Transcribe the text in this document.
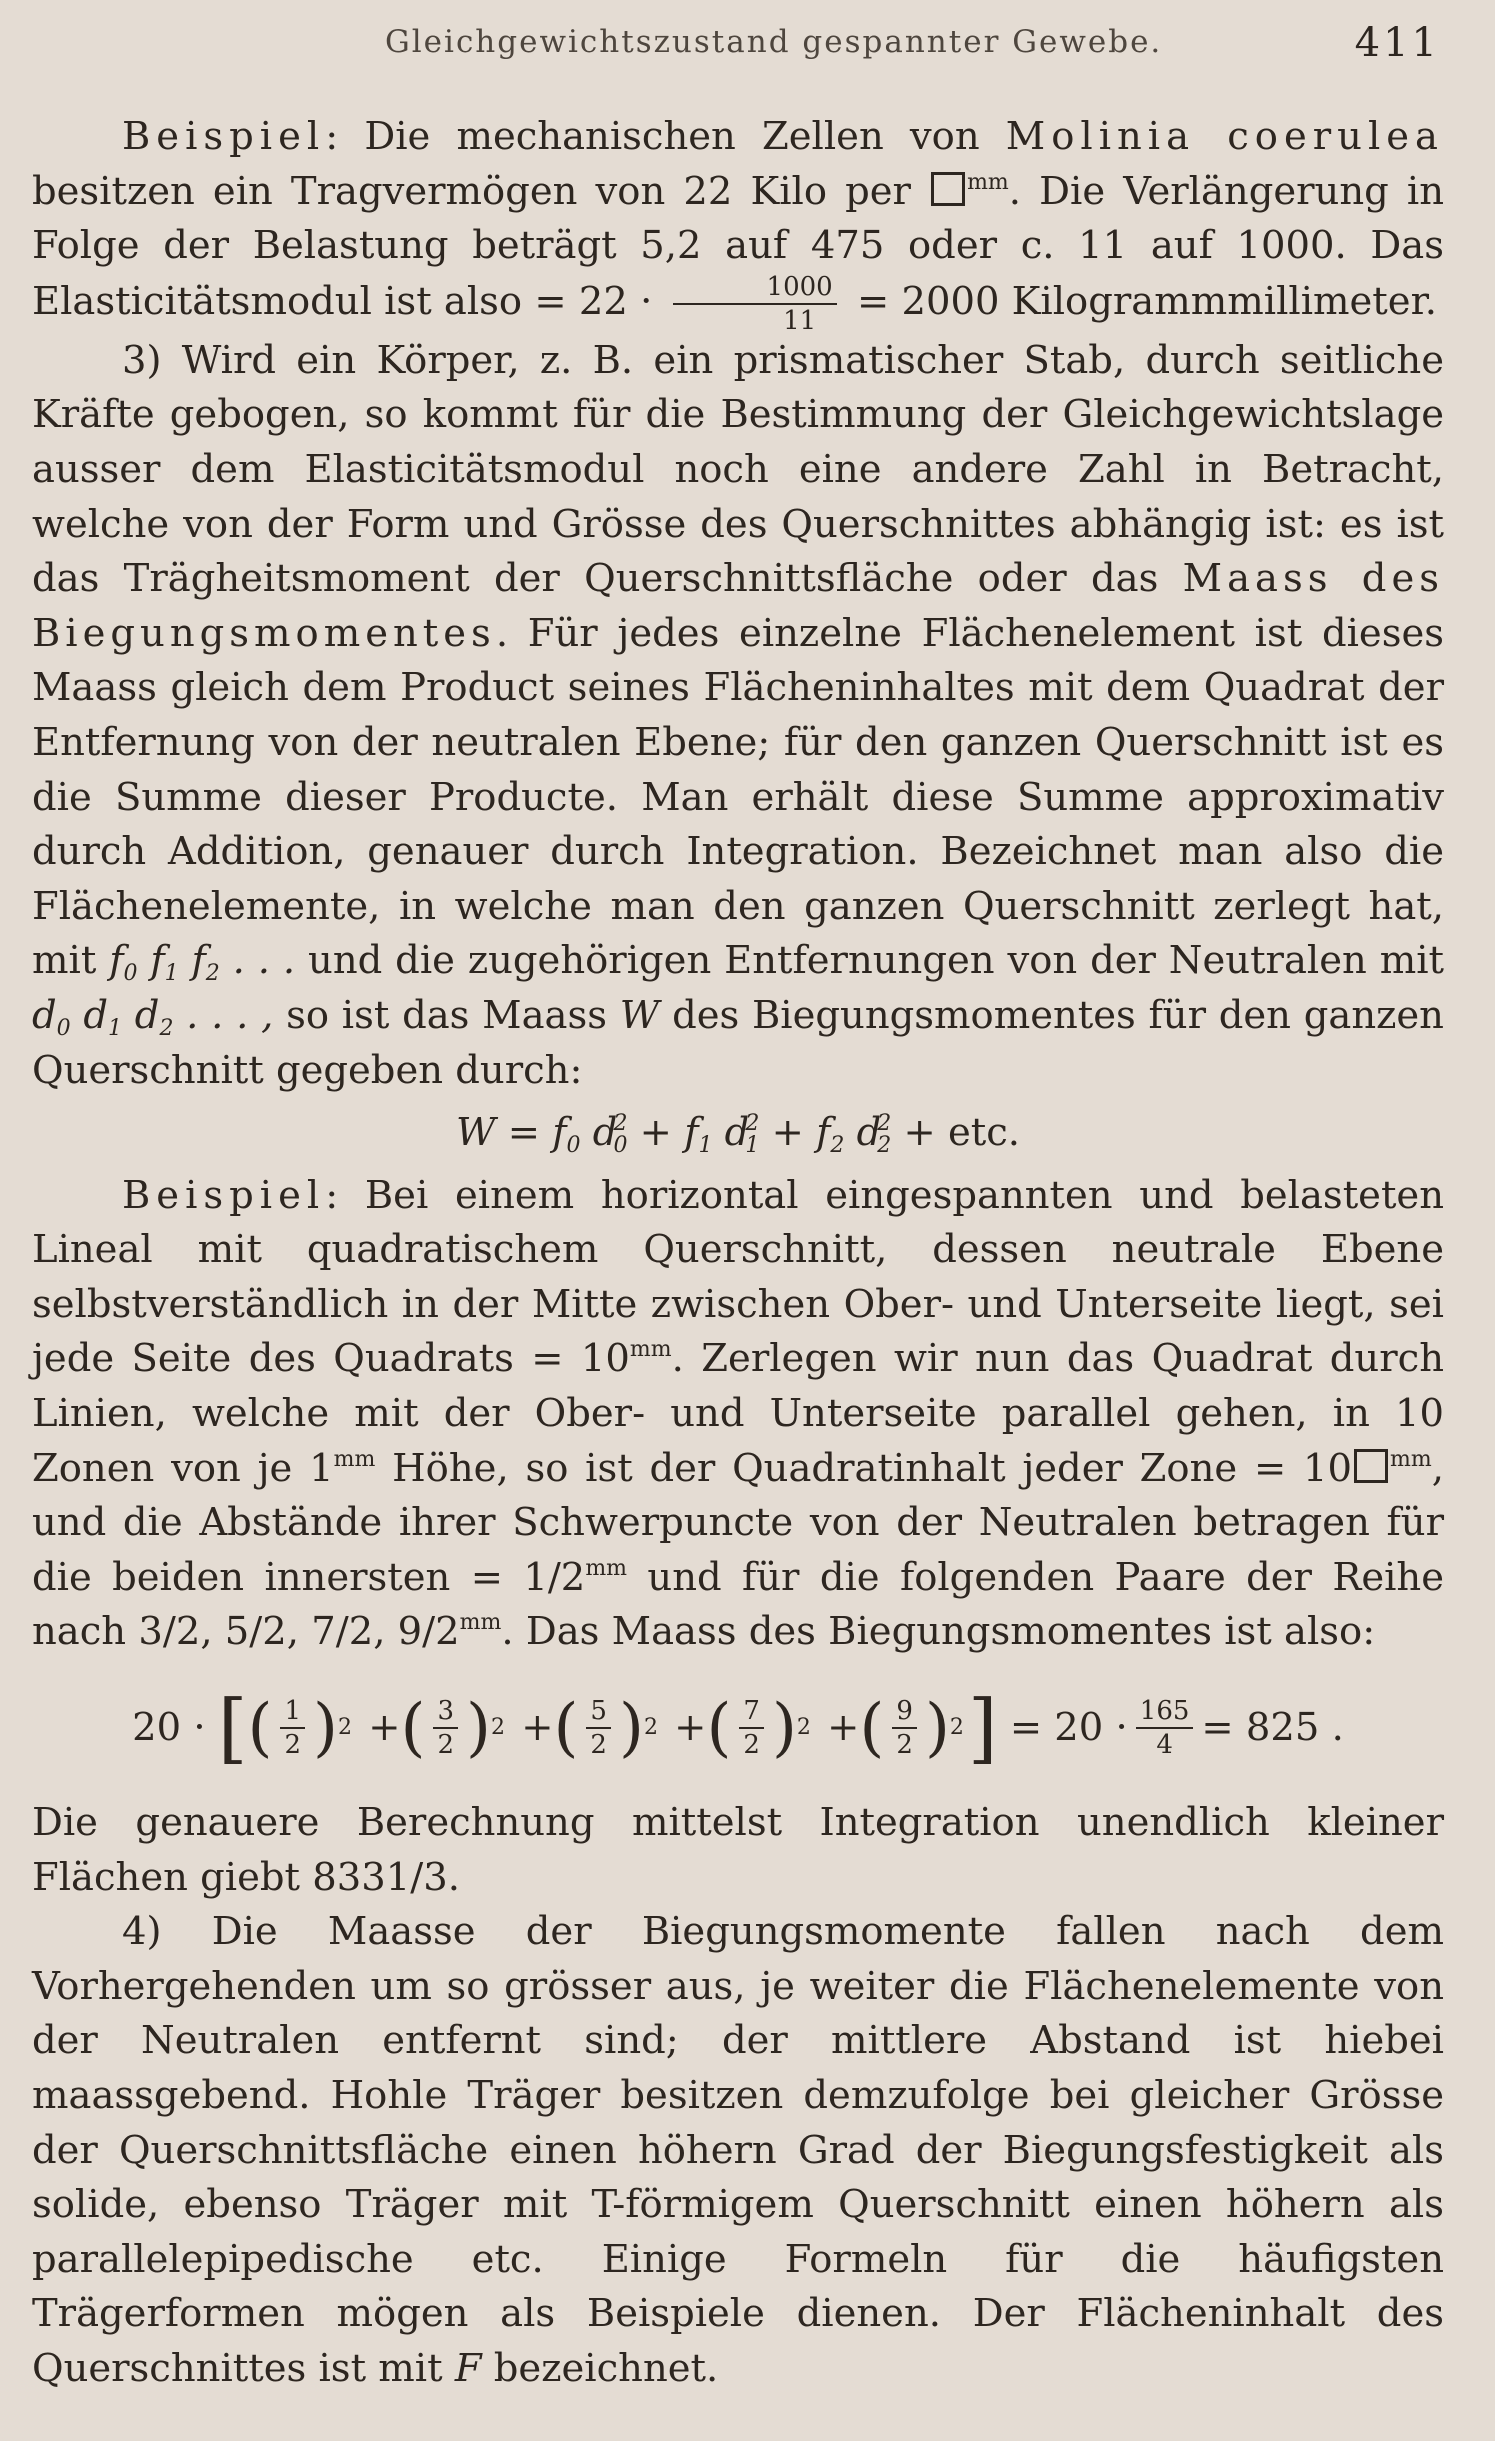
Gleichgewichtszustand gespannter Gewebe.	411

Beispiel: Die mechanischen Zellen von Molinia coerulea besitzen ein Tragvermögen von 22 Kilo per $^{mm}$. Die Verlängerung in Folge der Belastung beträgt 5,2 auf 475 oder c. 11 auf 1000. Das Elasticitätsmodul ist also = $22 \cdot \frac{1000}{11} = 2000$ Kilogrammmillimeter.

3) Wird ein Körper, z. B. ein prismatischer Stab, durch seitliche Kräfte gebogen, so kommt für die Bestimmung der Gleichgewichtslage ausser dem Elasticitätsmodul noch eine andere Zahl in Betracht, welche von der Form und Grösse des Querschnittes abhängig ist: es ist das Trägheitsmoment der Querschnittsfläche oder das Maass des Biegungsmomentes. Für jedes einzelne Flächenelement ist dieses Maass gleich dem Product seines Flächeninhaltes mit dem Quadrat der Entfernung von der neutralen Ebene; für den ganzen Querschnitt ist es die Summe dieser Producte. Man erhält diese Summe approximativ durch Addition, genauer durch Integration. Bezeichnet man also die Flächenelemente, in welche man den ganzen Querschnitt zerlegt hat, mit $f_0$ $f_1$ $f_2$ . . . und die zugehörigen Entfernungen von der Neutralen mit $d_0$ $d_1$ $d_2$ . . . , so ist das Maass W des Biegungsmomentes für den ganzen Querschnitt gegeben durch:

$W = f_0$ $d_0^2 + f_1$ $d_1^2 + f_2$ $d_2^2$ + etc.

Beispiel: Bei einem horizontal eingespannten und belasteten Lineal mit quadratischem Querschnitt, dessen neutrale Ebene selbstverständlich in der Mitte zwischen Ober- und Unterseite liegt, sei jede Seite des Quadrats = $10^{mm}$. Zerlegen wir nun das Quadrat durch Linien, welche mit der Ober- und Unterseite parallel gehen, in 10 Zonen von je $1^{mm}$ Höhe, so ist der Quadratinhalt jeder Zone = 10 $^{mm}$, und die Abstände ihrer Schwerpuncte von der Neutralen betragen für die beiden innersten = $1/2^{mm}$ und für die folgenden Paare der Reihe nach 3/2, 5/2, 7/2, $9/2^{mm}$. Das Maass des Biegungsmomentes ist also:

20 · [ ( $\frac{1}{2}$ ) 2 + ( $\frac{3}{2}$ ) 2 + ( $\frac{5}{2}$ ) 2 + ( $\frac{7}{2}$ ) 2 + ( $\frac{9}{2}$ ) 2 ]
= $20 \cdot \frac{165}{4} = 825$ .

Die genauere Berechnung mittelst Integration unendlich kleiner Flächen giebt 8331/3.

4) Die Maasse der Biegungsmomente fallen nach dem Vorhergehenden um so grösser aus, je weiter die Flächenelemente von der Neutralen entfernt sind; der mittlere Abstand ist hiebei maassgebend. Hohle Träger besitzen demzufolge bei gleicher Grösse der Querschnittsfläche einen höhern Grad der Biegungsfestigkeit als solide, ebenso Träger mit T-förmigem Querschnitt einen höhern als parallelepipedische etc. Einige Formeln für die häufigsten Trägerformen mögen als Beispiele dienen. Der Flächeninhalt des Querschnittes ist mit F bezeichnet.
